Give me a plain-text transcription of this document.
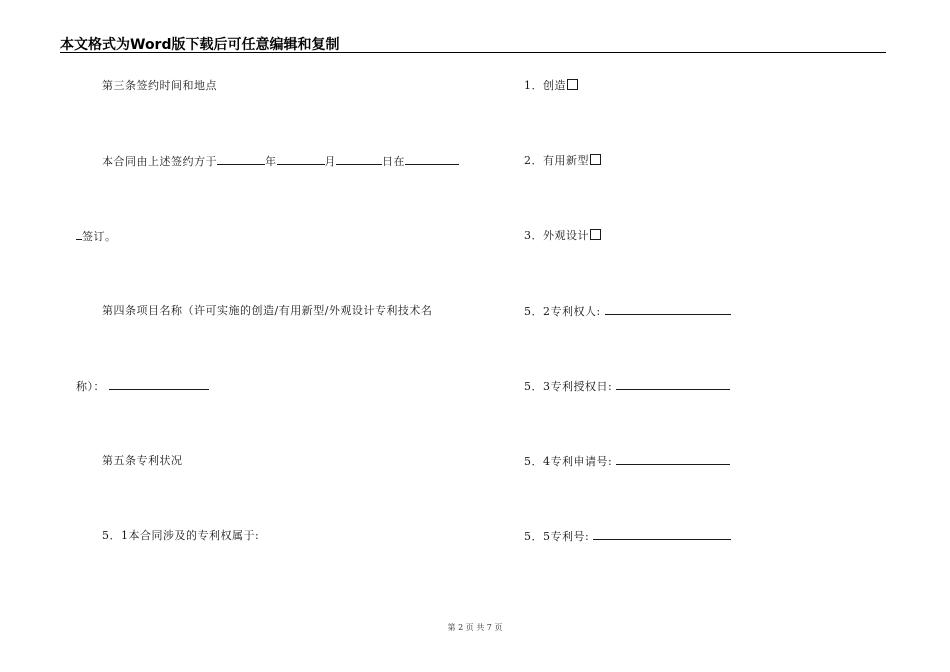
本文格式为Word版下载后可任意编辑和复制
第三条签约时间和地点
本合同由上述签约方于	年	月	日在
签订。
第四条项目名称（许可实施的创造/有用新型/外观设计专利技术名
称）：
第五条专利状况
5．1本合同涉及的专利权属于:
1．创造
2．有用新型
3．外观设计
5．2专利权人:
5．3专利授权日:
5．4专利申请号:
5．5专利号:
第 2 页 共 7 页
